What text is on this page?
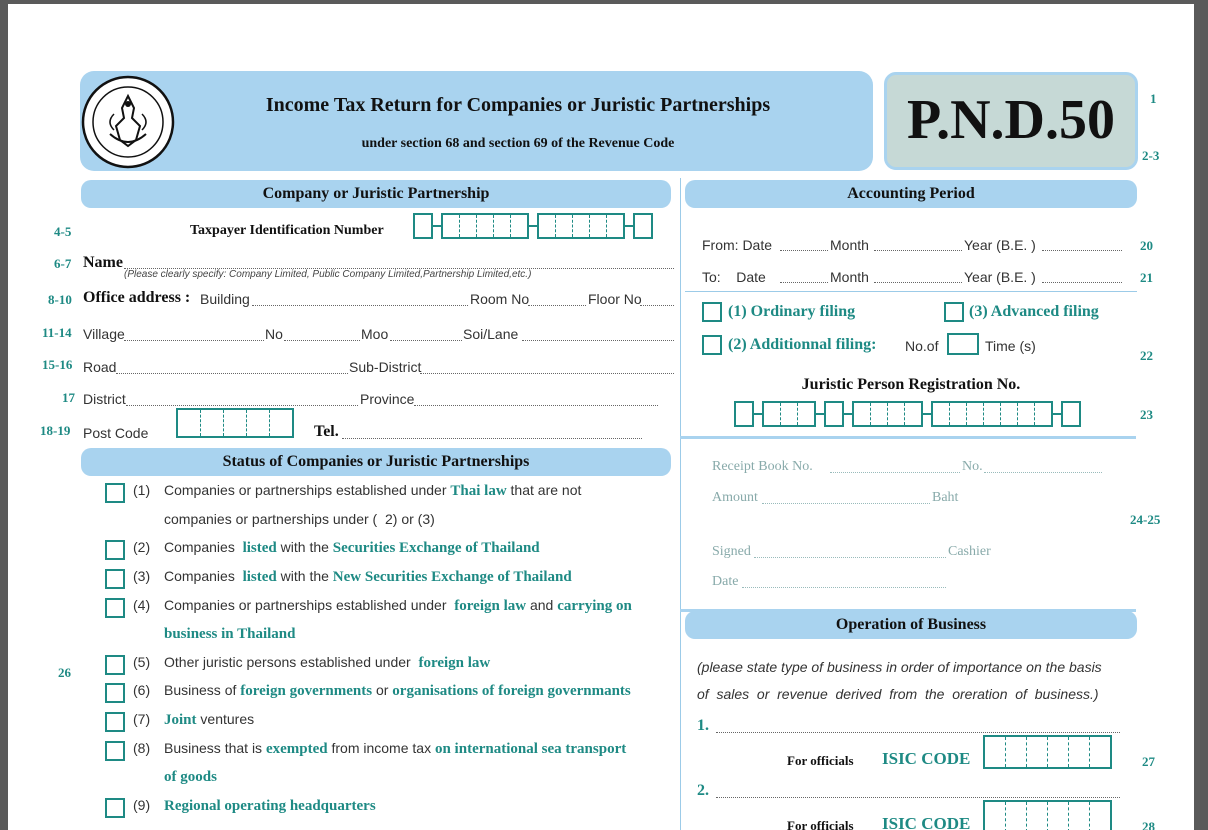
Income Tax Return for Companies or Juristic Partnerships
under section 68 and section 69 of the Revenue Code	P.N.D.50	1
2-3
Company or Juristic Partnership
4-5	Taxpayer Identification Number
6-7 Name
(Please clearly specify: Company Limited, Public Company Limited,Partnership Limited,etc.)
8-10 Office address : Building	Room No	Floor No
11-14 Village	No	Moo	Soi/Lane
15-16 Road	Sub-District
17 District	Province
18-19 Post Code	Tel.
Status of Companies or Juristic Partnerships
26
Accounting Period
From: Date	Month	Year (B.E. )	20
To:    Date	Month	Year (B.E. )	21
(1) Ordinary filing	(3) Advanced filing
(2) Additionnal filing: No.of	Time (s)
22
Juristic Person Registration No.
23
Receipt Book No.	No.
Amount	Baht
24-25
Signed	Cashier
Date
Operation of Business
(please state type of business in order of importance on the basis
of  sales  or  revenue  derived  from  the  oreration  of  business.)
1.
For officials ISIC CODE	27
2.
For officials ISIC CODE	28
(1) Companies or partnerships established under Thai law that are not
companies or partnerships under (  2) or (3)
(2) Companies  listed with the Securities Exchange of Thailand
(3) Companies  listed with the New Securities Exchange of Thailand
(4) Companies or partnerships established under  foreign law and carrying on
business in Thailand
(5) Other juristic persons established under  foreign law
(6) Business of foreign governments or organisations of foreign governmants
(7) Joint ventures
(8) Business that is exempted from income tax on international sea transport
of goods
(9) Regional operating headquarters
